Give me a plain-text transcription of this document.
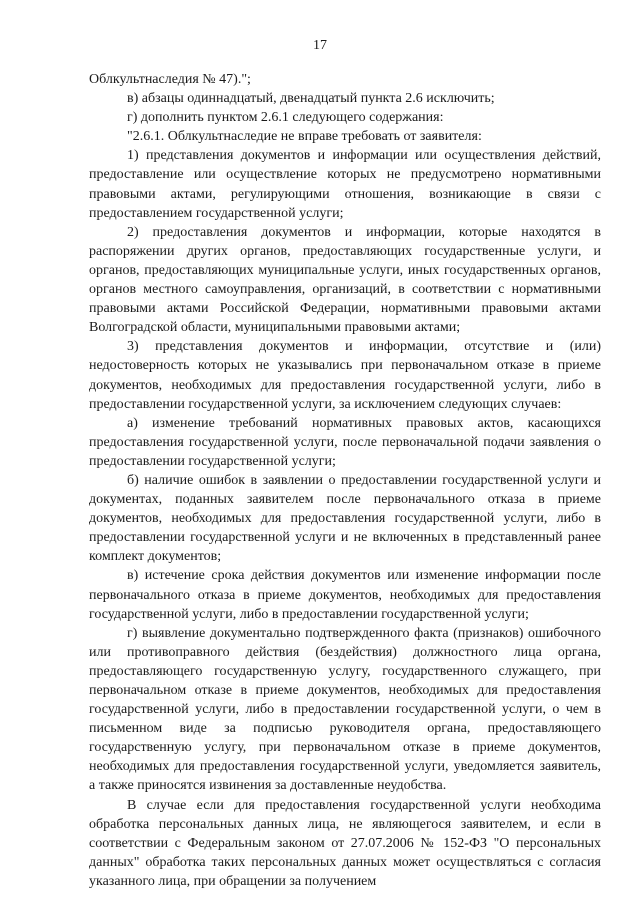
17

Облкультнаследия № 47).";

в) абзацы одиннадцатый, двенадцатый пункта 2.6 исключить;

г) дополнить пунктом 2.6.1 следующего содержания:

"2.6.1. Облкультнаследие не вправе требовать от заявителя:

1) представления документов и информации или осуществления действий, предоставление или осуществление которых не предусмотрено нормативными правовыми актами, регулирующими отношения, возникающие в связи с предоставлением государственной услуги;

2) предоставления документов и информации, которые находятся в распоряжении других органов, предоставляющих государственные услуги, и органов, предоставляющих муниципальные услуги, иных государственных органов, органов местного самоуправления, организаций, в соответствии с нормативными правовыми актами Российской Федерации, нормативными правовыми актами Волгоградской области, муниципальными правовыми актами;

3) представления документов и информации, отсутствие и (или) недостоверность которых не указывались при первоначальном отказе в приеме документов, необходимых для предоставления государственной услуги, либо в предоставлении государственной услуги, за исключением следующих случаев:

а) изменение требований нормативных правовых актов, касающихся предоставления государственной услуги, после первоначальной подачи заявления о предоставлении государственной услуги;

б) наличие ошибок в заявлении о предоставлении государственной услуги и документах, поданных заявителем после первоначального отказа в приеме документов, необходимых для предоставления государственной услуги, либо в предоставлении государственной услуги и не включенных в представленный ранее комплект документов;

в) истечение срока действия документов или изменение информации после первоначального отказа в приеме документов, необходимых для предоставления государственной услуги, либо в предоставлении государственной услуги;

г) выявление документально подтвержденного факта (признаков) ошибочного или противоправного действия (бездействия) должностного лица органа, предоставляющего государственную услугу, государственного служащего, при первоначальном отказе в приеме документов, необходимых для предоставления государственной услуги, либо в предоставлении государственной услуги, о чем в письменном виде за подписью руководителя органа, предоставляющего государственную услугу, при первоначальном отказе в приеме документов, необходимых для предоставления государственной услуги, уведомляется заявитель, а также приносятся извинения за доставленные неудобства.

В случае если для предоставления государственной услуги необходима обработка персональных данных лица, не являющегося заявителем, и если в соответствии с Федеральным законом от 27.07.2006 № 152-ФЗ "О персональных данных" обработка таких персональных данных может осуществляться с согласия указанного лица, при обращении за получением
